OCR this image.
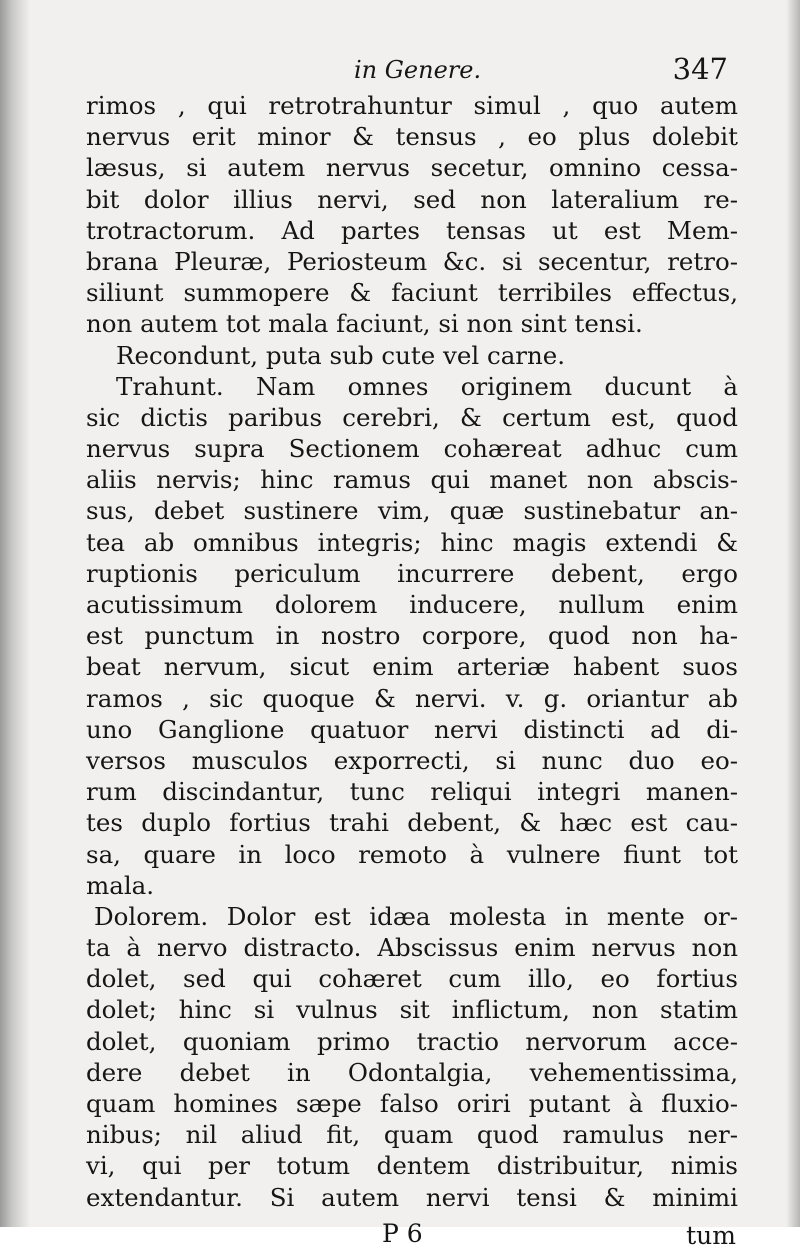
in Genere.	347
rimos , qui retrotrahuntur simul , quo autem
nervus erit minor & tensus , eo plus dolebit
læsus, si autem nervus secetur, omnino cessa-
bit dolor illius nervi, sed non lateralium re-
trotractorum. Ad partes tensas ut est Mem-
brana Pleuræ, Periosteum &c. si secentur, retro-
siliunt summopere & faciunt terribiles effectus,
non autem tot mala faciunt, si non sint tensi.
Recondunt, puta sub cute vel carne.
Trahunt. Nam omnes originem ducunt à
sic dictis paribus cerebri, & certum est, quod
nervus supra Sectionem cohæreat adhuc cum
aliis nervis; hinc ramus qui manet non abscis-
sus, debet sustinere vim, quæ sustinebatur an-
tea ab omnibus integris; hinc magis extendi &
ruptionis periculum incurrere debent, ergo
acutissimum dolorem inducere, nullum enim
est punctum in nostro corpore, quod non ha-
beat nervum, sicut enim arteriæ habent suos
ramos , sic quoque & nervi. v. g. oriantur ab
uno Ganglione quatuor nervi distincti ad di-
versos musculos exporrecti, si nunc duo eo-
rum discindantur, tunc reliqui integri manen-
tes duplo fortius trahi debent, & hæc est cau-
sa, quare in loco remoto à vulnere fiunt tot
mala.
Dolorem. Dolor est idæa molesta in mente or-
ta à nervo distracto. Abscissus enim nervus non
dolet, sed qui cohæret cum illo, eo fortius
dolet; hinc si vulnus sit inflictum, non statim
dolet, quoniam primo tractio nervorum acce-
dere debet in Odontalgia, vehementissima,
quam homines sæpe falso oriri putant à fluxio-
nibus; nil aliud fit, quam quod ramulus ner-
vi, qui per totum dentem distribuitur, nimis
extendantur. Si autem nervi tensi & minimi
P 6	tum
